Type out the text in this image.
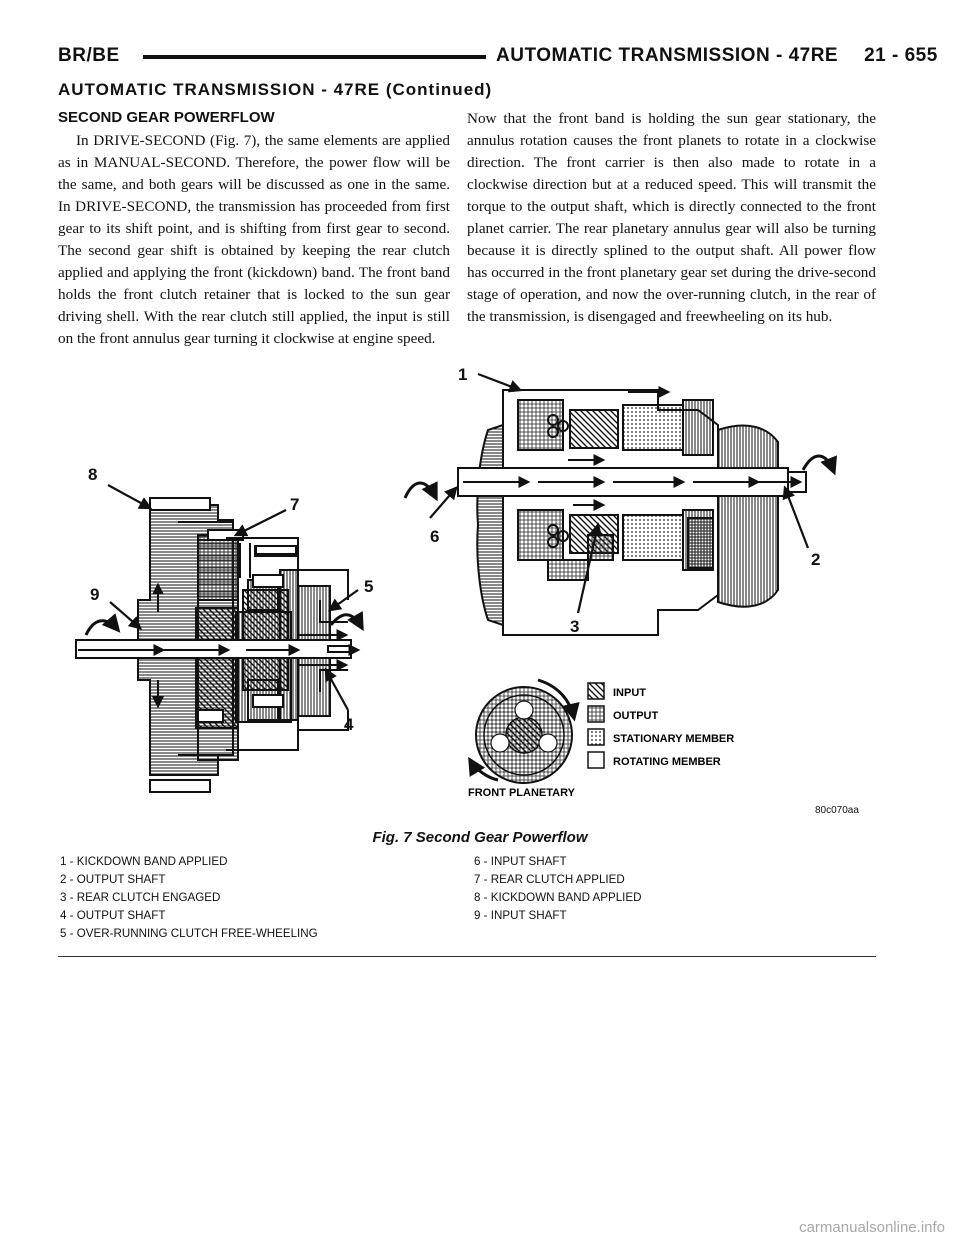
BR/BE	AUTOMATIC TRANSMISSION - 47RE 21 - 655
AUTOMATIC TRANSMISSION - 47RE (Continued)
SECOND GEAR POWERFLOW

In DRIVE-SECOND (Fig. 7), the same elements are applied as in MANUAL-SECOND. Therefore, the power flow will be the same, and both gears will be discussed as one in the same. In DRIVE-SECOND, the transmission has proceeded from first gear to its shift point, and is shifting from first gear to second. The second gear shift is obtained by keeping the rear clutch applied and applying the front (kickdown) band. The front band holds the front clutch retainer that is locked to the sun gear driving shell. With the rear clutch still applied, the input is still on the front annulus gear turning it clockwise at engine speed.

Now that the front band is holding the sun gear stationary, the annulus rotation causes the front planets to rotate in a clockwise direction. The front carrier is then also made to rotate in a clockwise direction but at a reduced speed. This will transmit the torque to the output shaft, which is directly connected to the front planet carrier. The rear planetary annulus gear will also be turning because it is directly splined to the output shaft. All power flow has occurred in the front planetary gear set during the drive-second stage of operation, and now the over-running clutch, in the rear of the transmission, is disengaged and freewheeling on its hub.

1
2
3
4
5
6
7
8
9
FRONT PLANETARY
INPUT
OUTPUT
STATIONARY MEMBER
ROTATING MEMBER
80c070aa
Fig. 7 Second Gear Powerflow
1 - KICKDOWN BAND APPLIED
2 - OUTPUT SHAFT
3 - REAR CLUTCH ENGAGED
4 - OUTPUT SHAFT
5 - OVER-RUNNING CLUTCH FREE-WHEELING
6 - INPUT SHAFT
7 - REAR CLUTCH APPLIED
8 - KICKDOWN BAND APPLIED
9 - INPUT SHAFT
carmanualsonline.info
